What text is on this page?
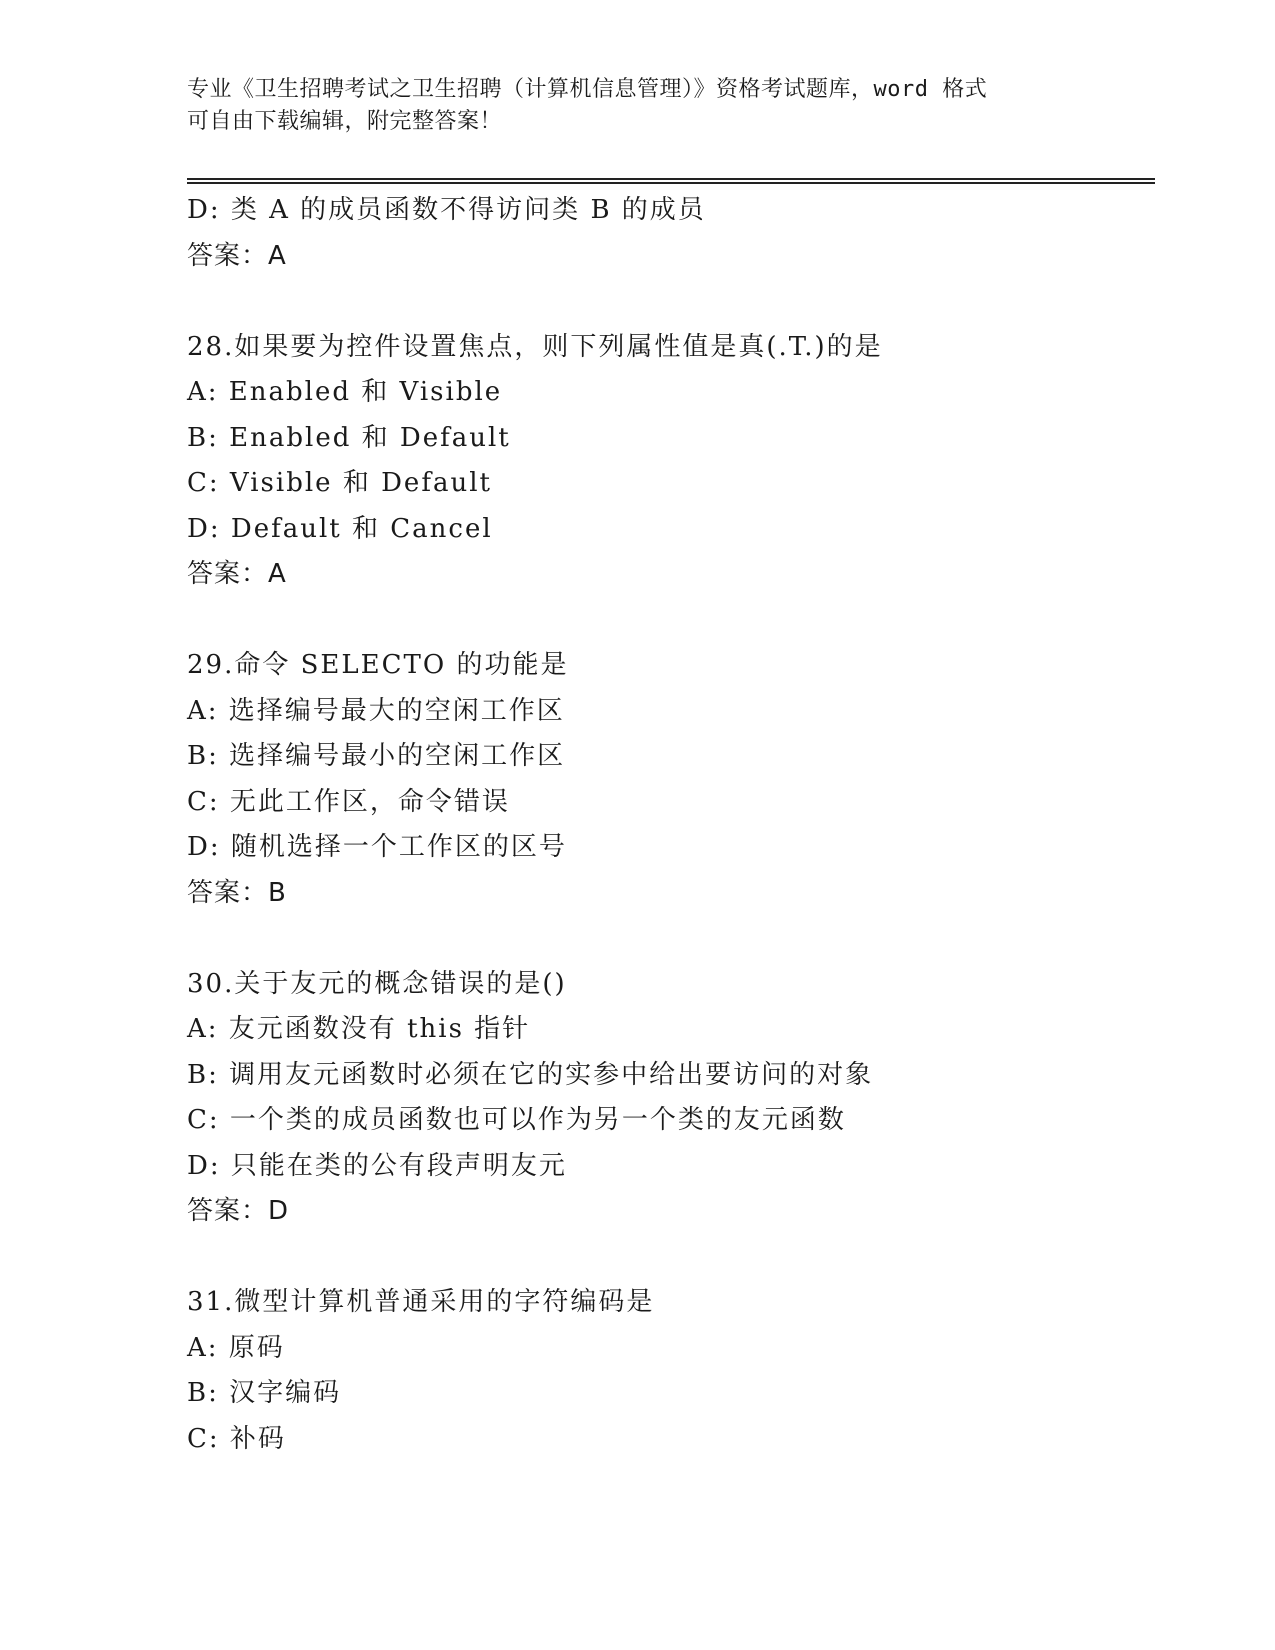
专业《卫生招聘考试之卫生招聘（计算机信息管理）》资格考试题库，word 格式
可自由下载编辑，附完整答案！
D: 类 A 的成员函数不得访问类 B 的成员
答案：A
28.如果要为控件设置焦点，则下列属性值是真(.T.)的是
A: Enabled 和 Visible
B: Enabled 和 Default
C: Visible 和 Default
D: Default 和 Cancel
答案：A
29.命令 SELECTO 的功能是
A: 选择编号最大的空闲工作区
B: 选择编号最小的空闲工作区
C: 无此工作区，命令错误
D: 随机选择一个工作区的区号
答案：B
30.关于友元的概念错误的是()
A: 友元函数没有 this 指针
B: 调用友元函数时必须在它的实参中给出要访问的对象
C: 一个类的成员函数也可以作为另一个类的友元函数
D: 只能在类的公有段声明友元
答案：D
31.微型计算机普通采用的字符编码是
A: 原码
B: 汉字编码
C: 补码
